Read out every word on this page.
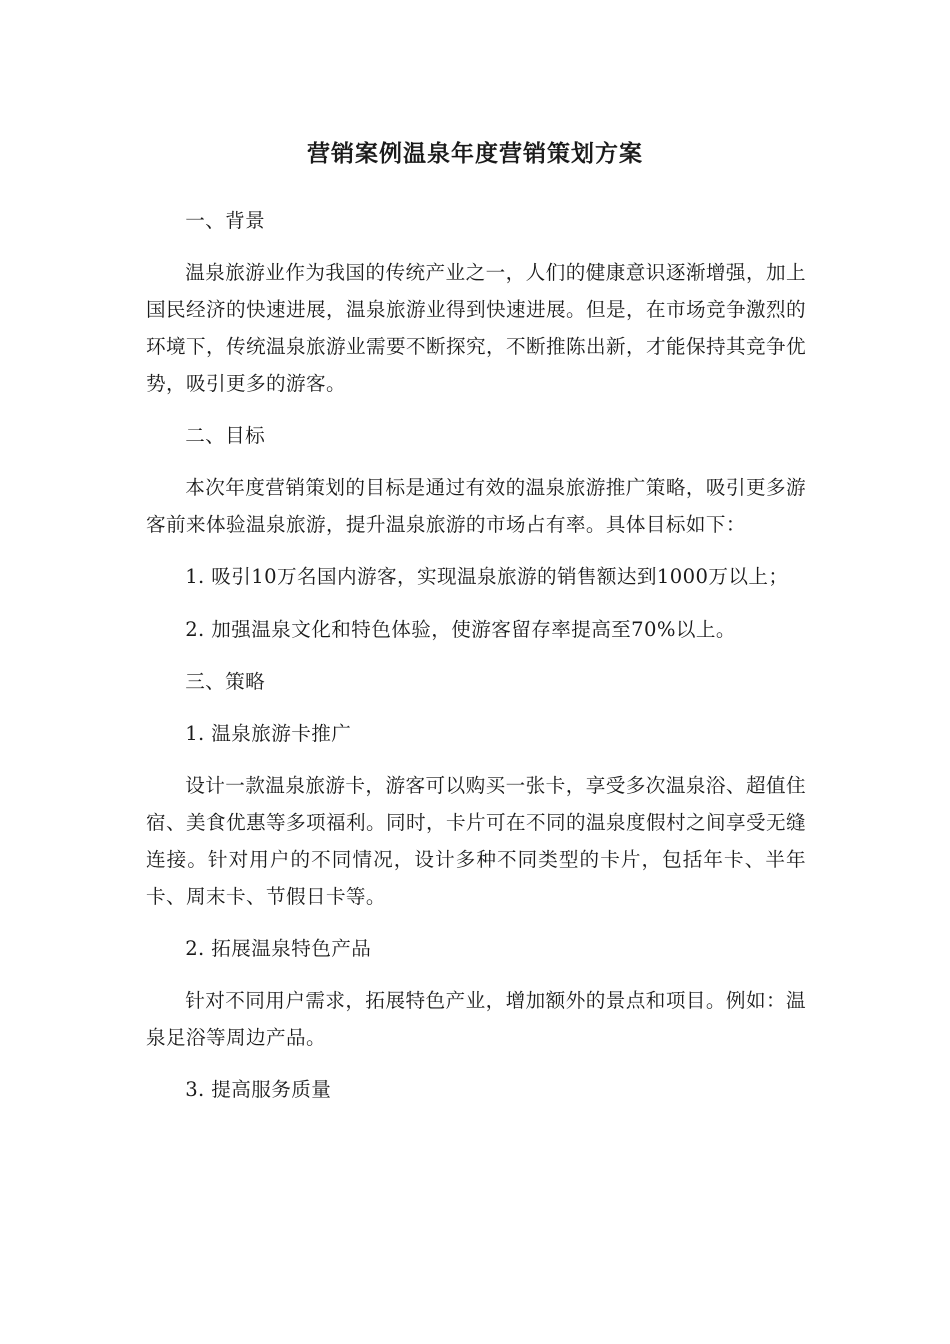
营销案例温泉年度营销策划方案

一、背景

温泉旅游业作为我国的传统产业之一，人们的健康意识逐渐增强，加上国民经济的快速进展，温泉旅游业得到快速进展。但是，在市场竞争激烈的环境下，传统温泉旅游业需要不断探究，不断推陈出新，才能保持其竞争优势，吸引更多的游客。

二、目标

本次年度营销策划的目标是通过有效的温泉旅游推广策略，吸引更多游客前来体验温泉旅游，提升温泉旅游的市场占有率。具体目标如下：

1. 吸引10万名国内游客，实现温泉旅游的销售额达到1000万以上；

2. 加强温泉文化和特色体验，使游客留存率提高至70%以上。

三、策略

1. 温泉旅游卡推广

设计一款温泉旅游卡，游客可以购买一张卡，享受多次温泉浴、超值住宿、美食优惠等多项福利。同时，卡片可在不同的温泉度假村之间享受无缝连接。针对用户的不同情况，设计多种不同类型的卡片，包括年卡、半年卡、周末卡、节假日卡等。

2. 拓展温泉特色产品

针对不同用户需求，拓展特色产业，增加额外的景点和项目。例如：温泉足浴等周边产品。

3. 提高服务质量
